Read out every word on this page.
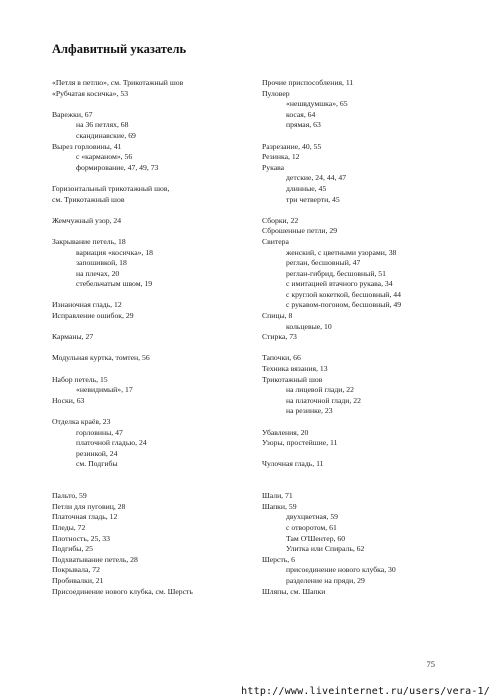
Алфавитный указатель
«Петля в петлю», см. Трикотажный шов
«Рубчатая косичка», 53
Варежки, 67
на 36 петлях, 68
скандинавские, 69
Вырез горловины, 41
с «карманом», 56
формирование, 47, 49, 73
Горизонтальный трикотажный шов,
см. Трикотажный шов
Жемчужный узор, 24
Закрывание петель, 18
вариация «косичка», 18
запошивкой, 18
на плечах, 20
стебельчатым швом, 19
Изнаночная гладь, 12
Исправление ошибок, 29
Карманы, 27
Модульная куртка, томтен, 56
Набор петель, 15
«невидимый», 17
Носки, 63
Отделка краёв, 23
горловины, 47
платочной гладью, 24
резинкой, 24
см. Подгибы
Пальто, 59
Петли для пуговиц, 28
Платочная гладь, 12
Пледы, 72
Плотность, 25, 33
Подгибы, 25
Подхватывание петель, 28
Покрывала, 72
Пробивалки, 21
Присоединение нового клубка, см. Шерсть
Прочие приспособления, 11
Пуловер
«нешвдумшка», 65
косая, 64
прямая, 63
Разрезание, 40, 55
Резинка, 12
Рукава
детские, 24, 44, 47
длинные, 45
три четверти, 45
Сборки, 22
Сброшенные петли, 29
Свитера
женский, с цветными узорами, 38
реглан, бесшовный, 47
реглан-гибрид, бесшовный, 51
с имитацией втачного рукава, 34
с круглой кокеткой, бесшовный, 44
с рукавом-погоном, бесшовный, 49
Спицы, 8
кольцевые, 10
Стирка, 73
Тапочки, 66
Техника вязания, 13
Трикотажный шов
на лицевой глади, 22
на платочной глади, 22
на резинке, 23
Убавления, 20
Узоры, простейшие, 11
Чулочная гладь, 11
Шали, 71
Шапки, 59
двухцветная, 59
с отворотом, 61
Там О'Шентер, 60
Улитка или Спираль, 62
Шерсть, 6
присоединение нового клубка, 30
разделение на пряди, 29
Шляпы, см. Шапки
75
http://www.liveinternet.ru/users/vera-1/
